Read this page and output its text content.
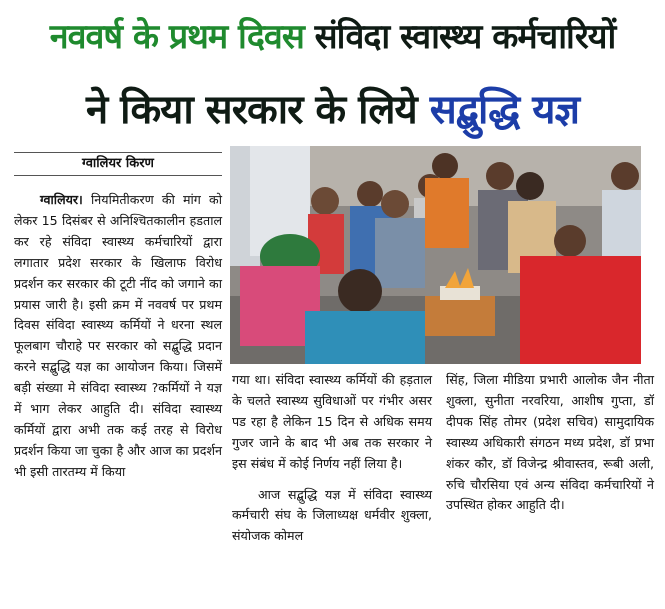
नववर्ष के प्रथम दिवस संविदा स्वास्थ्य कर्मचारियों
ने किया सरकार के लिये सद्बुद्धि यज्ञ
ग्वालियर किरण

ग्वालियर। नियमितीकरण की मांग को लेकर 15 दिसंबर से अनिश्चितकालीन हडताल कर रहे संविदा स्वास्थ्य कर्मचारियों द्वारा लगातार प्रदेश सरकार के खिलाफ विरोध प्रदर्शन कर सरकार की टूटी नींद को जगाने का प्रयास जारी है। इसी क्रम में नववर्ष पर प्रथम दिवस संविदा स्वास्थ्य कर्मियों ने धरना स्थल फूलबाग चौराहे पर सरकार को सद्बुद्धि प्रदान करने सद्बुद्धि यज्ञ का आयोजन किया। जिसमें बड़ी संख्या मे संविदा स्वास्थ्य ?कर्मियों ने यज्ञ में भाग लेकर आहुति दी। संविदा स्वास्थ्य कर्मियों द्वारा अभी तक कई तरह से विरोध प्रदर्शन किया जा चुका है और आज का प्रदर्शन भी इसी तारतम्य में किया

गया था। संविदा स्वास्थ्य कर्मियों की हड़ताल के चलते स्वास्थ्य सुविधाओं पर गंभीर असर पड रहा है लेकिन 15 दिन से अधिक समय गुजर जाने के बाद भी अब तक सरकार ने इस संबंध में कोई निर्णय नहीं लिया है।

आज सद्बुद्धि यज्ञ में संविदा स्वास्थ्य कर्मचारी संघ के जिलाध्यक्ष धर्मवीर शुक्ला, संयोजक कोमल

सिंह, जिला मीडिया प्रभारी आलोक जैन नीता शुक्ला, सुनीता नरवरिया, आशीष गुप्ता, डॉ दीपक सिंह तोमर (प्रदेश सचिव) सामुदायिक स्वास्थ्य अधिकारी संगठन मध्य प्रदेश, डॉ प्रभा शंकर कौर, डॉ विजेन्द्र श्रीवास्तव, रूबी अली, रुचि चौरसिया एवं अन्य संविदा कर्मचारियों ने उपस्थित होकर आहुति दी।
